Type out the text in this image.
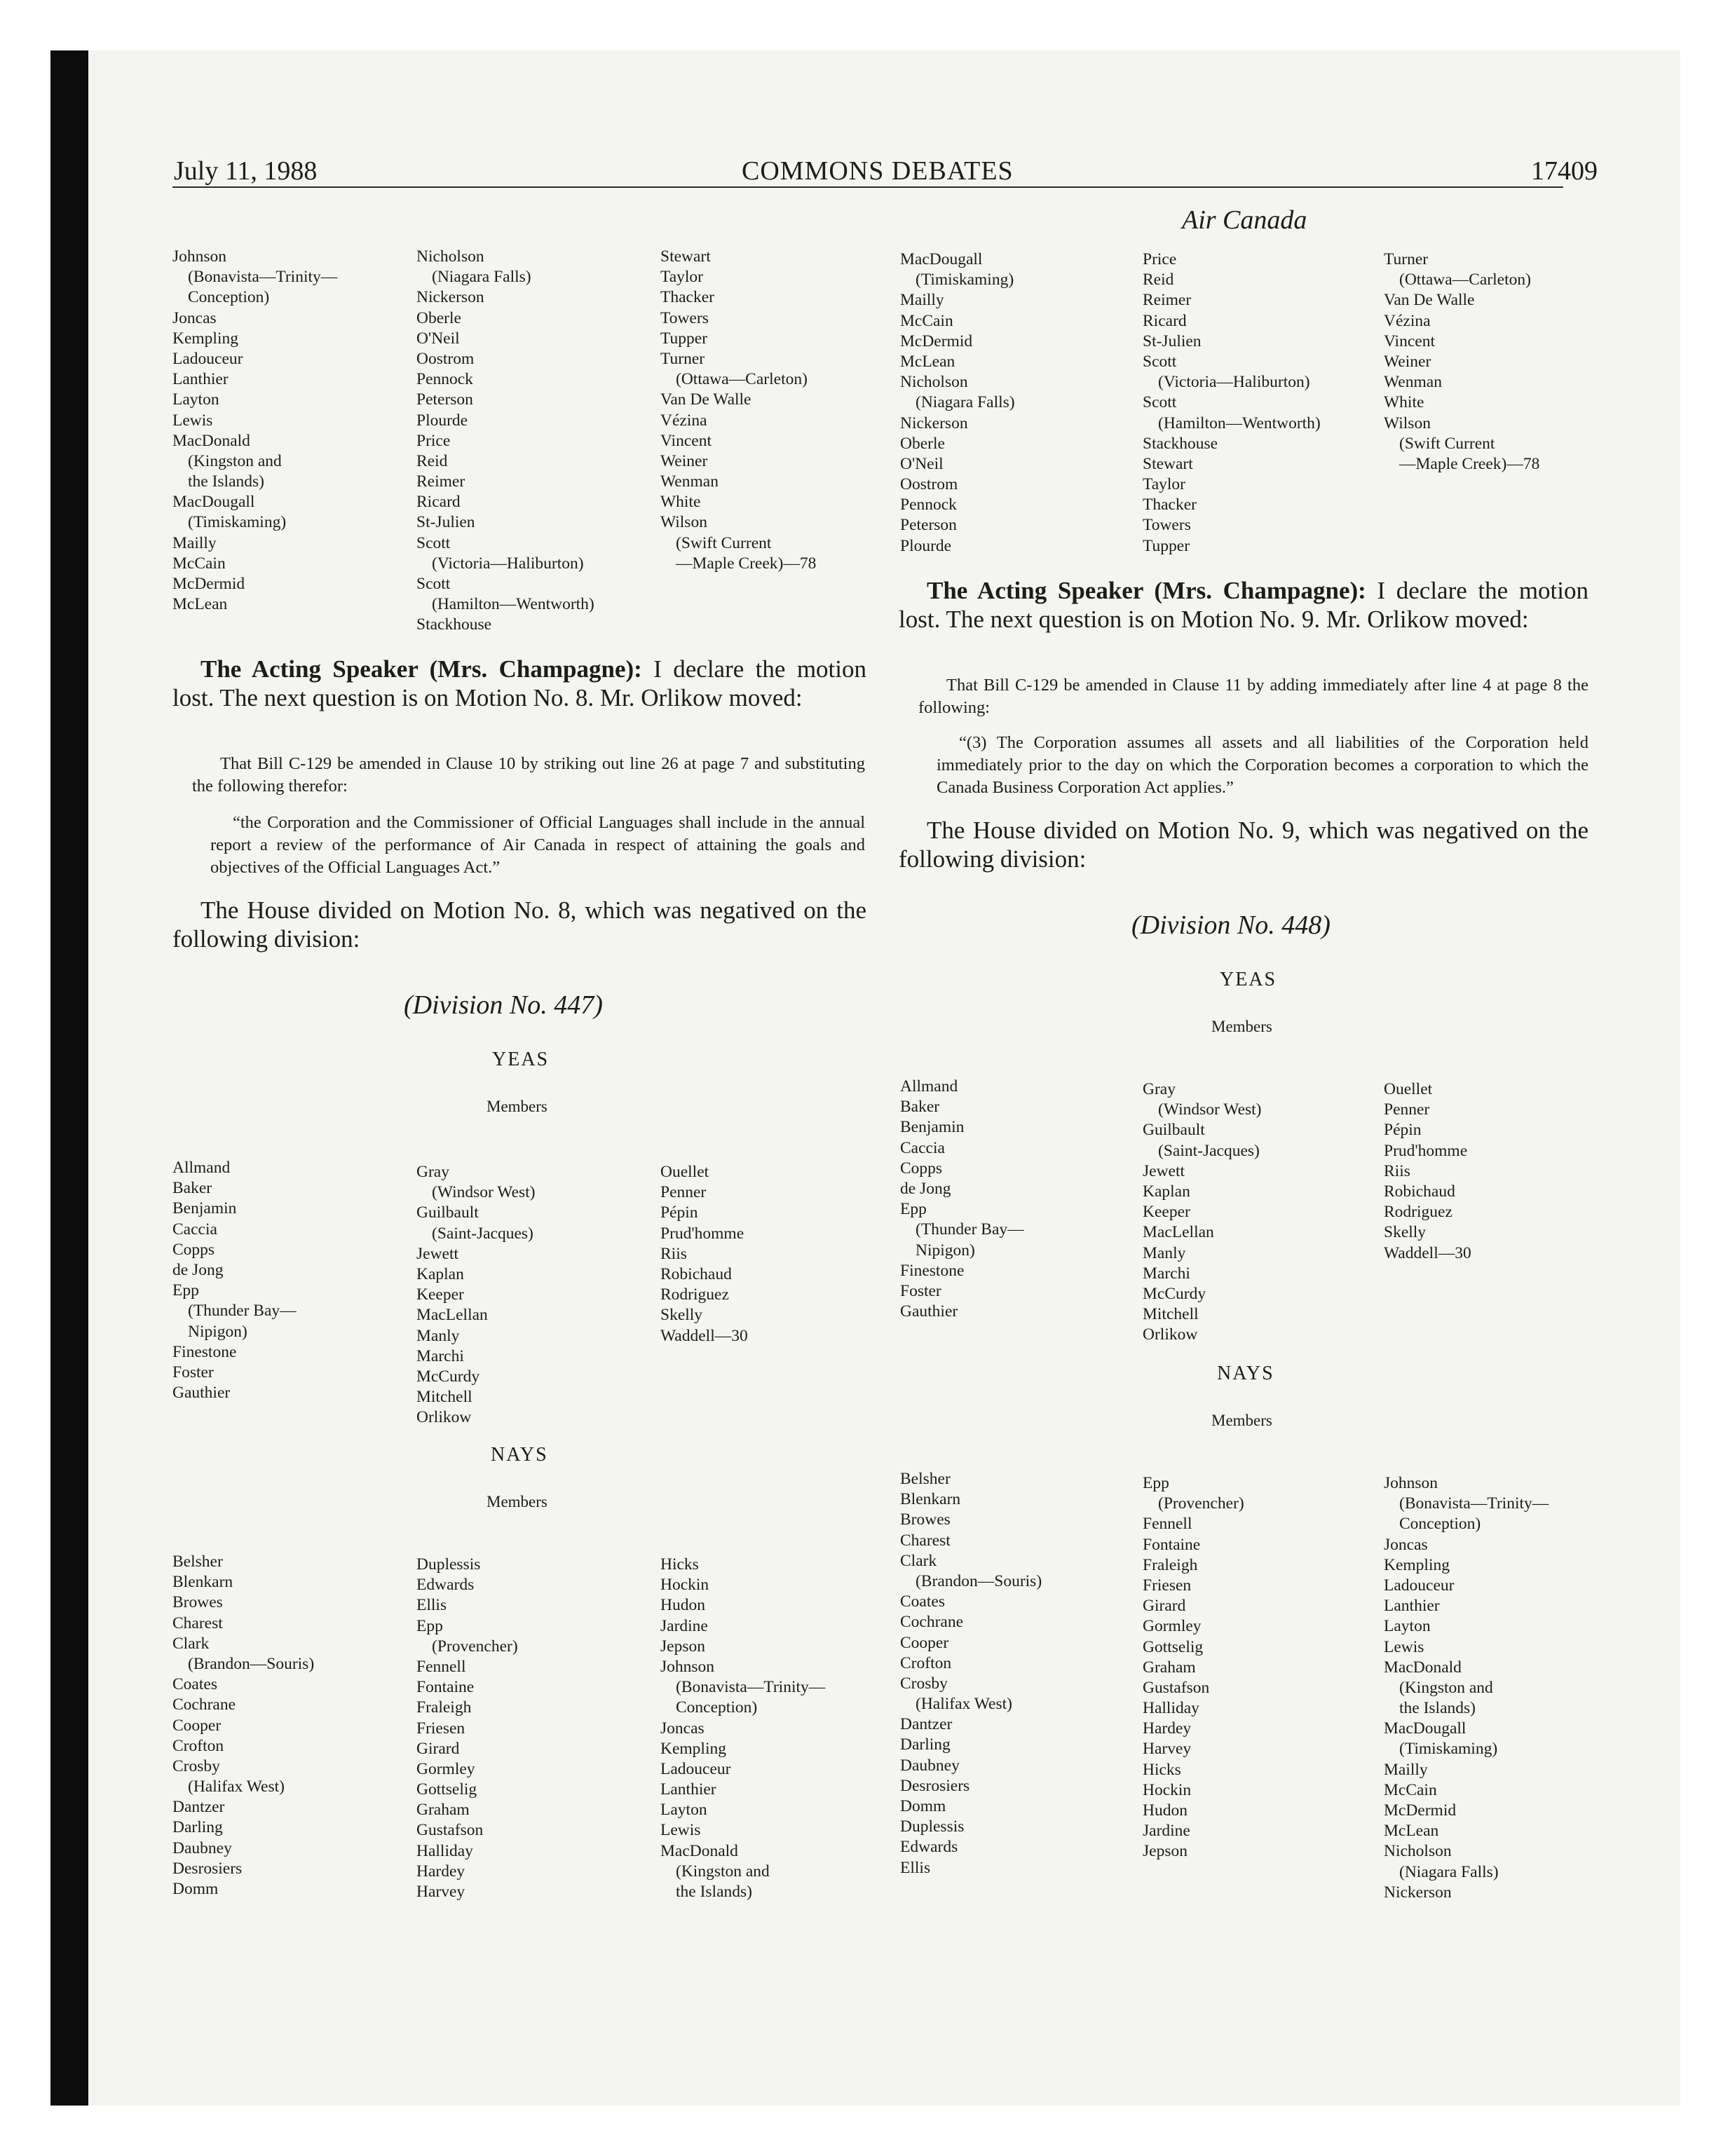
July 11, 1988	COMMONS DEBATES	17409
Johnson
(Bonavista—Trinity—
Conception)
Joncas
Kempling
Ladouceur
Lanthier
Layton
Lewis
MacDonald
(Kingston and
the Islands)
MacDougall
(Timiskaming)
Mailly
McCain
McDermid
McLean
Nicholson
(Niagara Falls)
Nickerson
Oberle
O'Neil
Oostrom
Pennock
Peterson
Plourde
Price
Reid
Reimer
Ricard
St-Julien
Scott
(Victoria—Haliburton)
Scott
(Hamilton—Wentworth)
Stackhouse
Stewart
Taylor
Thacker
Towers
Tupper
Turner
(Ottawa—Carleton)
Van De Walle
Vézina
Vincent
Weiner
Wenman
White
Wilson
(Swift Current
—Maple Creek)—78
The Acting Speaker (Mrs. Champagne): I declare the motion lost. The next question is on Motion No. 8. Mr. Orlikow moved:
That Bill C-129 be amended in Clause 10 by striking out line 26 at page 7 and substituting the following therefor:
“the Corporation and the Commissioner of Official Languages shall include in the annual report a review of the performance of Air Canada in respect of attaining the goals and objectives of the Official Languages Act.”
The House divided on Motion No. 8, which was negatived on the following division:
(Division No. 447)
YEAS
Members
Allmand
Baker
Benjamin
Caccia
Copps
de Jong
Epp
(Thunder Bay—
Nipigon)
Finestone
Foster
Gauthier
Gray
(Windsor West)
Guilbault
(Saint-Jacques)
Jewett
Kaplan
Keeper
MacLellan
Manly
Marchi
McCurdy
Mitchell
Orlikow
Ouellet
Penner
Pépin
Prud'homme
Riis
Robichaud
Rodriguez
Skelly
Waddell—30
NAYS
Members
Belsher
Blenkarn
Browes
Charest
Clark
(Brandon—Souris)
Coates
Cochrane
Cooper
Crofton
Crosby
(Halifax West)
Dantzer
Darling
Daubney
Desrosiers
Domm
Duplessis
Edwards
Ellis
Epp
(Provencher)
Fennell
Fontaine
Fraleigh
Friesen
Girard
Gormley
Gottselig
Graham
Gustafson
Halliday
Hardey
Harvey
Hicks
Hockin
Hudon
Jardine
Jepson
Johnson
(Bonavista—Trinity—
Conception)
Joncas
Kempling
Ladouceur
Lanthier
Layton
Lewis
MacDonald
(Kingston and
the Islands)
Air Canada
MacDougall
(Timiskaming)
Mailly
McCain
McDermid
McLean
Nicholson
(Niagara Falls)
Nickerson
Oberle
O'Neil
Oostrom
Pennock
Peterson
Plourde
Price
Reid
Reimer
Ricard
St-Julien
Scott
(Victoria—Haliburton)
Scott
(Hamilton—Wentworth)
Stackhouse
Stewart
Taylor
Thacker
Towers
Tupper
Turner
(Ottawa—Carleton)
Van De Walle
Vézina
Vincent
Weiner
Wenman
White
Wilson
(Swift Current
—Maple Creek)—78
The Acting Speaker (Mrs. Champagne): I declare the motion lost. The next question is on Motion No. 9. Mr. Orlikow moved:
That Bill C-129 be amended in Clause 11 by adding immediately after line 4 at page 8 the following:
“(3) The Corporation assumes all assets and all liabilities of the Corporation held immediately prior to the day on which the Corporation becomes a corporation to which the Canada Business Corporation Act applies.”
The House divided on Motion No. 9, which was negatived on the following division:
(Division No. 448)
YEAS
Members
Allmand
Baker
Benjamin
Caccia
Copps
de Jong
Epp
(Thunder Bay—
Nipigon)
Finestone
Foster
Gauthier
Gray
(Windsor West)
Guilbault
(Saint-Jacques)
Jewett
Kaplan
Keeper
MacLellan
Manly
Marchi
McCurdy
Mitchell
Orlikow
Ouellet
Penner
Pépin
Prud'homme
Riis
Robichaud
Rodriguez
Skelly
Waddell—30
NAYS
Members
Belsher
Blenkarn
Browes
Charest
Clark
(Brandon—Souris)
Coates
Cochrane
Cooper
Crofton
Crosby
(Halifax West)
Dantzer
Darling
Daubney
Desrosiers
Domm
Duplessis
Edwards
Ellis
Epp
(Provencher)
Fennell
Fontaine
Fraleigh
Friesen
Girard
Gormley
Gottselig
Graham
Gustafson
Halliday
Hardey
Harvey
Hicks
Hockin
Hudon
Jardine
Jepson
Johnson
(Bonavista—Trinity—
Conception)
Joncas
Kempling
Ladouceur
Lanthier
Layton
Lewis
MacDonald
(Kingston and
the Islands)
MacDougall
(Timiskaming)
Mailly
McCain
McDermid
McLean
Nicholson
(Niagara Falls)
Nickerson
